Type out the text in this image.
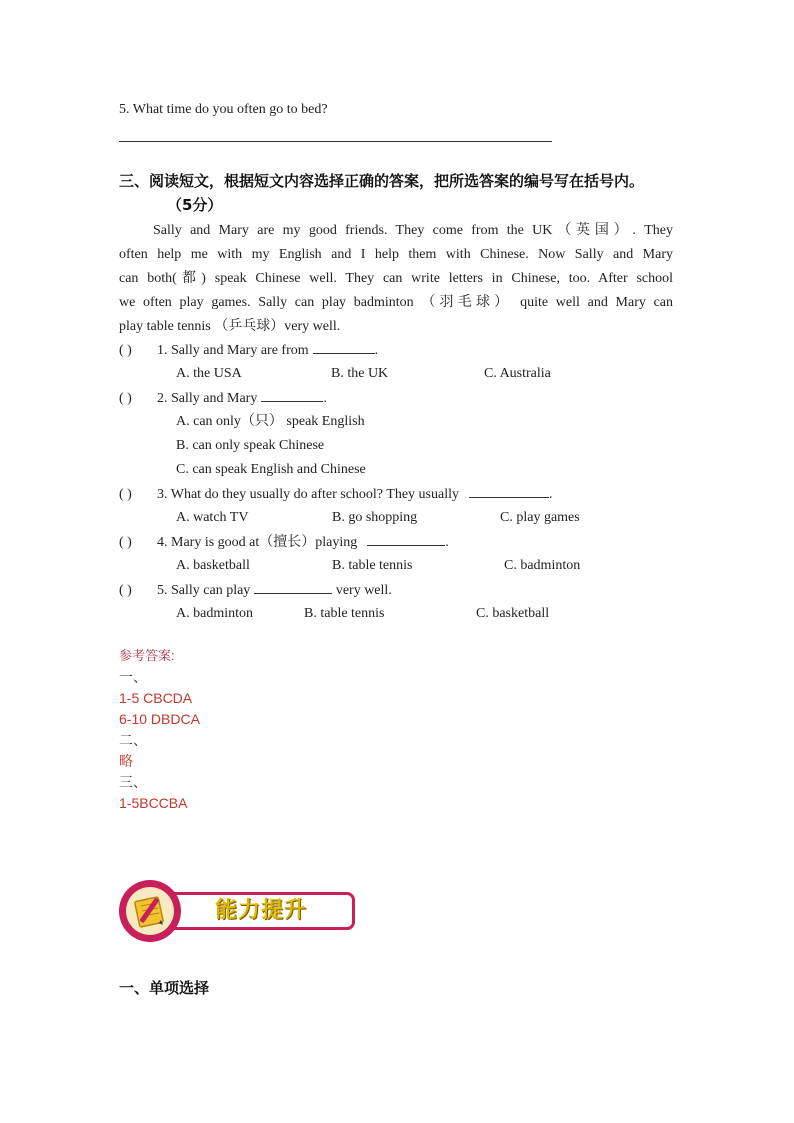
5. What time do you often go to bed?
三、阅读短文，根据短文内容选择正确的答案，把所选答案的编号写在括号内。
（5分）
Sally and Mary are my good friends. They come from the UK（英国）. They
often help me with my English and I help them with Chinese. Now Sally and Mary
can both(都) speak Chinese well. They can write letters in Chinese, too. After school
we often play games. Sally can play badminton （羽毛球） quite well and Mary can
play table tennis （乒乓球）very well.
( ) 1. Sally and Mary are from	.
A. the USA	B. the UK	C. Australia
( ) 2. Sally and Mary	.
A. can only（只） speak English
B. can only speak Chinese
C. can speak English and Chinese
( ) 3. What do they usually do after school? They usually	.
A. watch TV	B. go shopping	C. play games
( ) 4. Mary is good at（擅长）playing	.
A. basketball	B. table tennis	C. badminton
( ) 5. Sally can play	very well.
A. badminton	B. table tennis	C. basketball
参考答案:
一、
1-5 CBCDA
6-10 DBDCA
二、
略
三、
1-5BCCBA
能力提升
一、单项选择
